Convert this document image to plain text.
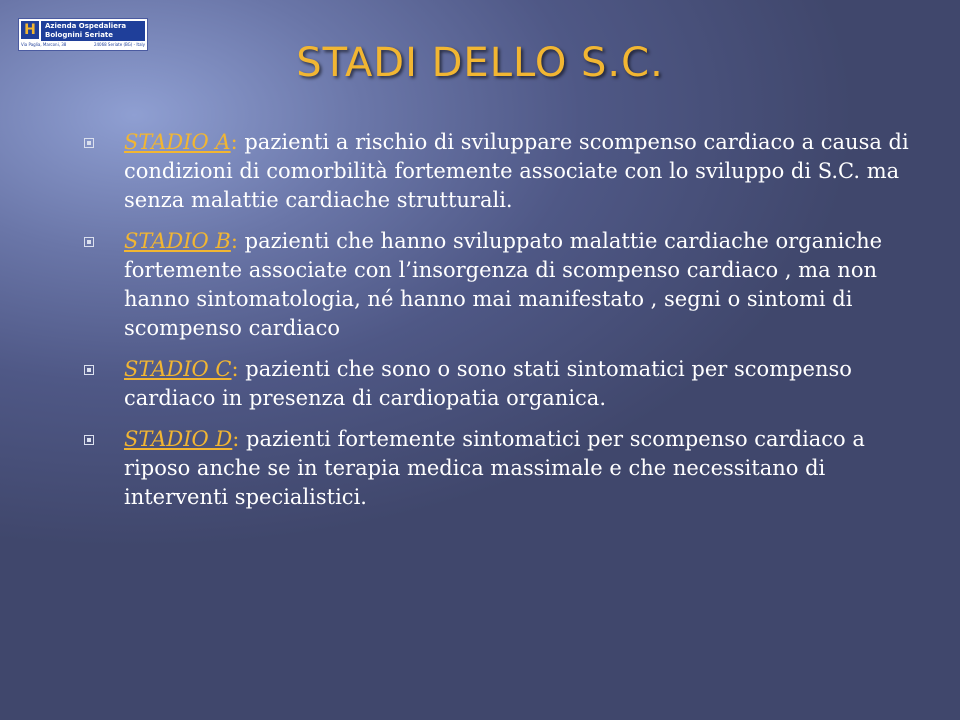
H	Azienda Ospedaliera
Bolognini Seriate
Via Paglia, Marconi, 38	24068 Seriate (BG) - Italy	STADI DELLO S.C.
STADIO A: pazienti a rischio di sviluppare scompenso cardiaco a causa di condizioni di comorbilità fortemente associate con lo sviluppo di S.C. ma senza malattie cardiache strutturali.
STADIO B: pazienti che hanno sviluppato malattie cardiache organiche fortemente associate con l’insorgenza di scompenso cardiaco , ma non hanno sintomatologia, né hanno mai manifestato , segni o sintomi di scompenso cardiaco
STADIO C: pazienti che sono o sono stati sintomatici per scompenso cardiaco in presenza di cardiopatia organica.
STADIO D: pazienti fortemente sintomatici per scompenso cardiaco a riposo anche se in terapia medica massimale e che necessitano di interventi specialistici.
